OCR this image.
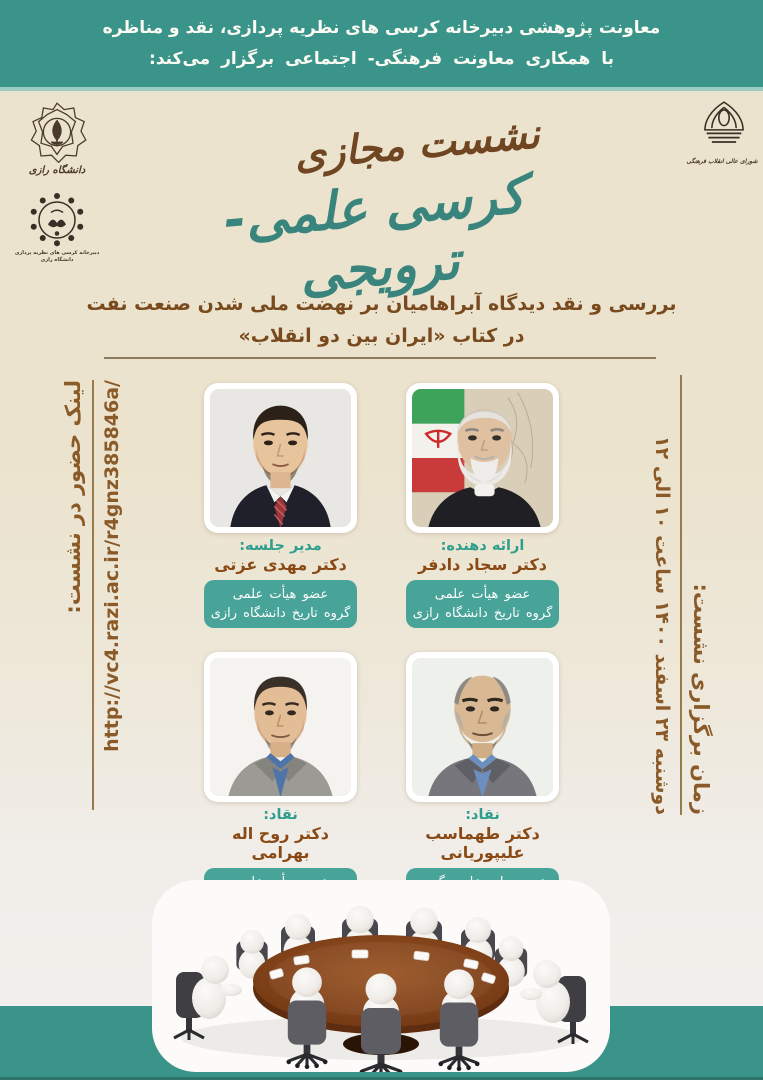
معاونت پژوهشی دبیرخانه کرسی های نظریه پردازی، نقد و مناظره
با همکاری معاونت فرهنگی- اجتماعی برگزار می‌کند:
دانشگاه رازی
دبیرخانه کرسی های نظریه پردازی دانشگاه رازی
شورای عالی انقلاب فرهنگی
نشست مجازی
کرسی علمی-ترویجی
بررسی و نقد دیدگاه آبراهامیان بر نهضت ملی شدن صنعت نفت
در کتاب «ایران بین دو انقلاب»
مدیر جلسه:
دکتر مهدی عزتی
عضو هیأت علمی
گروه تاریخ دانشگاه رازی
ارائه دهنده:
دکتر سجاد دادفر
عضو هیأت علمی
گروه تاریخ دانشگاه رازی
نقاد:
دکتر روح اله بهرامی
نقاد:
دکتر طهماسب علیپوریانی
لینک حضور در نشست: http://vc4.razi.ac.ir/r4gnz385846a/	زمان برگزاری نشست:
دوشنبه ۲۳ اسفند ۱۴۰۰ ساعت ۱۰ الی ۱۲
